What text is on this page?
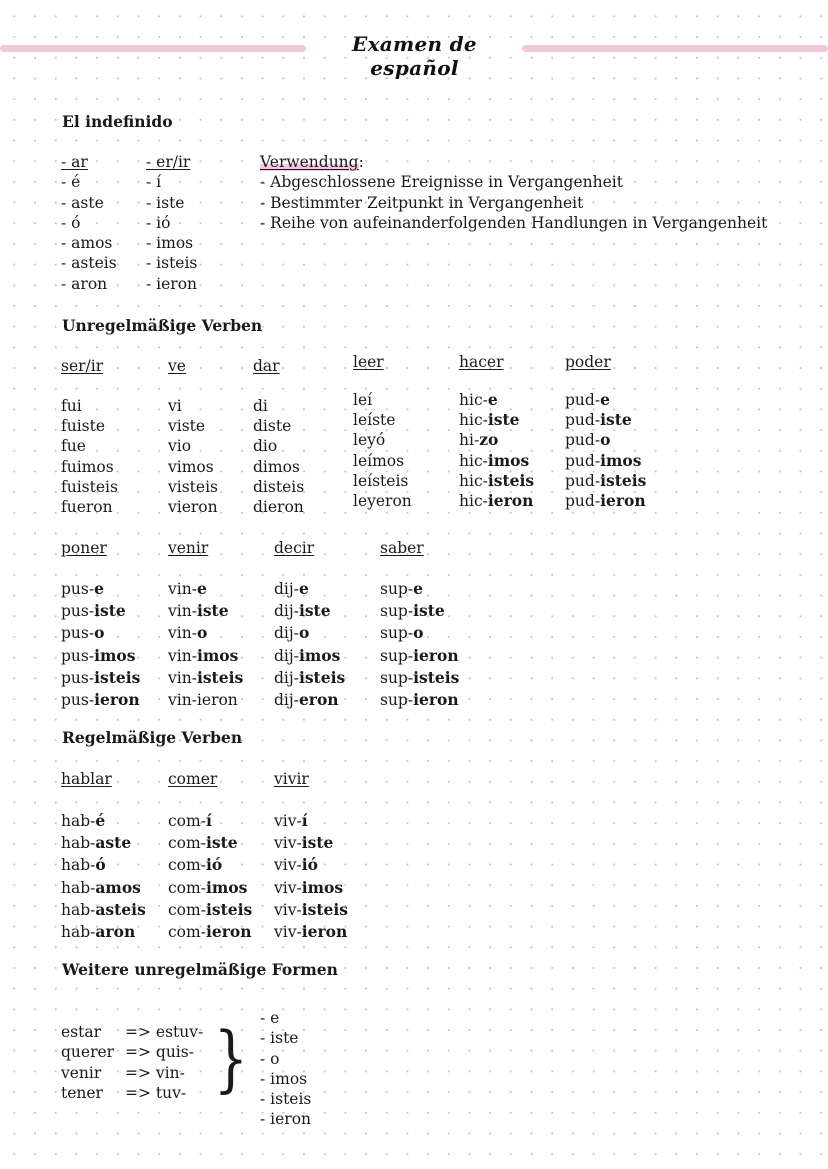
Examen de español
El indefinido
- ar
- é
- aste
- ó
- amos
- asteis
- aron
- er/ir
- í
- iste
- ió
- imos
- isteis
- ieron
Verwendung:
- Abgeschlossene Ereignisse in Vergangenheit
- Bestimmter Zeitpunkt in Vergangenheit
- Reihe von aufeinanderfolgenden Handlungen in Vergangenheit
Unregelmäßige Verben
ser/ir
fui
fuiste
fue
fuimos
fuisteis
fueron
ve
vi
viste
vio
vimos
visteis
vieron
dar
di
diste
dio
dimos
disteis
dieron
leer
leí
leíste
leyó
leímos
leísteis
leyeron
hacer
hic-e
hic-iste
hi-zo
hic-imos
hic-isteis
hic-ieron
poder
pud-e
pud-iste
pud-o
pud-imos
pud-isteis
pud-ieron
poner
pus-e
pus-iste
pus-o
pus-imos
pus-isteis
pus-ieron
venir
vin-e
vin-iste
vin-o
vin-imos
vin-isteis
vin-ieron
decir
dij-e
dij-iste
dij-o
dij-imos
dij-isteis
dij-eron
saber
sup-e
sup-iste
sup-o
sup-ieron
sup-isteis
sup-ieron
Regelmäßige Verben
hablar
hab-é
hab-aste
hab-ó
hab-amos
hab-asteis
hab-aron
comer
com-í
com-iste
com-ió
com-imos
com-isteis
com-ieron
vivir
viv-í
viv-iste
viv-ió
viv-imos
viv-isteis
viv-ieron
Weitere unregelmäßige Formen
estar
querer
venir
tener
=> estuv-
=> quis-
=> vin-
=> tuv- } - e
- iste
- o
- imos
- isteis
- ieron
